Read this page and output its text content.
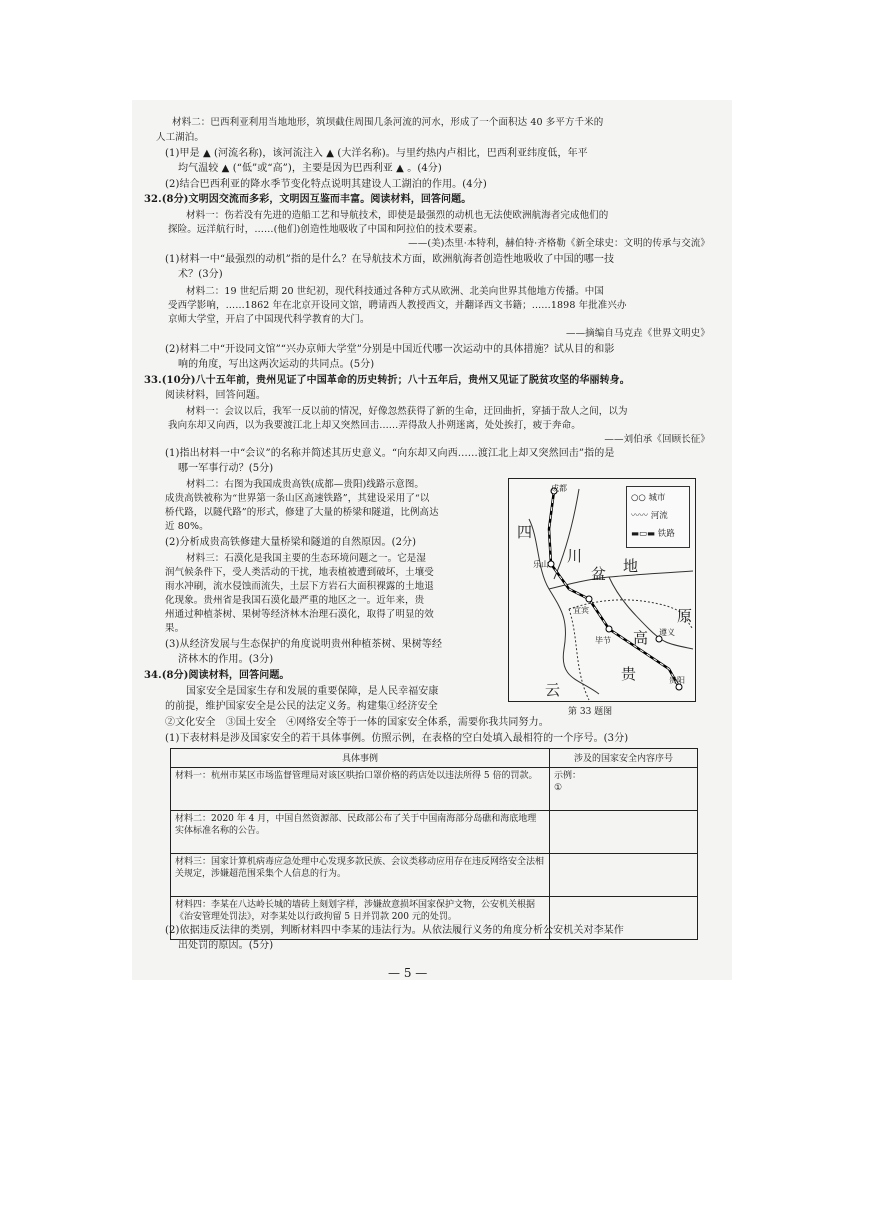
材料二：巴西利亚利用当地地形，筑坝截住周围几条河流的河水，形成了一个面积达 40 多平方千米的
人工湖泊。
(1)甲是 ▲ (河流名称)，该河流注入 ▲ (大洋名称)。与里约热内卢相比，巴西利亚纬度低，年平
均气温较 ▲ (“低”或“高”)，主要是因为巴西利亚 ▲ 。(4分)
(2)结合巴西利亚的降水季节变化特点说明其建设人工湖泊的作用。(4分)
32.(8分)文明因交流而多彩，文明因互鉴而丰富。阅读材料，回答问题。
材料一：伤若没有先进的造船工艺和导航技术，即使是最强烈的动机也无法使欧洲航海者完成他们的
探险。远洋航行时，……(他们)创造性地吸收了中国和阿拉伯的技术要素。
——(美)杰里·本特利，赫伯特·齐格勒《新全球史：文明的传承与交流》
(1)材料一中“最强烈的动机”指的是什么？在导航技术方面，欧洲航海者创造性地吸收了中国的哪一技
术？(3分)
材料二：19 世纪后期 20 世纪初，现代科技通过各种方式从欧洲、北美向世界其他地方传播。中国
受西学影响，……1862 年在北京开设同文馆，聘请西人教授西文，并翻译西文书籍；……1898 年批准兴办
京师大学堂，开启了中国现代科学教育的大门。
——摘编自马克垚《世界文明史》
(2)材料二中“开设同文馆”“兴办京师大学堂”分别是中国近代哪一次运动中的具体措施？试从目的和影
响的角度，写出这两次运动的共同点。(5分)
33.(10分)八十五年前，贵州见证了中国革命的历史转折；八十五年后，贵州又见证了脱贫攻坚的华丽转身。
阅读材料，回答问题。
材料一：会议以后，我军一反以前的情况，好像忽然获得了新的生命，迂回曲折，穿插于敌人之间，以为
我向东却又向西，以为我要渡江北上却又突然回击……弄得敌人扑朔迷离，处处挨打，疲于奔命。
——刘伯承《回顾长征》
(1)指出材料一中“会议”的名称并简述其历史意义。“向东却又向西……渡江北上却又突然回击”指的是
哪一军事行动？(5分)
材料二：右图为我国成贵高铁(成都—贵阳)线路示意图。
成贵高铁被称为“世界第一条山区高速铁路”，其建设采用了“以
桥代路，以隧代路”的形式，修建了大量的桥梁和隧道，比例高达
近 80%。
(2)分析成贵高铁修建大量桥梁和隧道的自然原因。(2分)
材料三：石漠化是我国主要的生态环境问题之一。它是湿
润气候条件下，受人类活动的干扰，地表植被遭到破坏，土壤受
雨水冲刷，流水侵蚀而流失，土层下方岩石大面积裸露的土地退
化现象。贵州省是我国石漠化最严重的地区之一。近年来，贵
州通过种植茶树、果树等经济林木治理石漠化，取得了明显的效
果。
(3)从经济发展与生态保护的角度说明贵州种植茶树、果树等经
济林木的作用。(3分)
34.(8分)阅读材料，回答问题。
国家安全是国家生存和发展的重要保障，是人民幸福安康
的前提，维护国家安全是公民的法定义务。构建集①经济安全
②文化安全　③国土安全　④网络安全等于一体的国家安全体系，需要你我共同努力。
(1)下表材料是涉及国家安全的若干具体事例。仿照示例，在表格的空白处填入最相符的一个序号。(3分)
成都
乐山
宜宾
毕节
遵义
贵阳
四
川
盆 地
原
高
贵
云
○○ 城市
〰〰 河流
▬▭▬ 铁路
第 33 题图
具体事例	涉及的国家安全内容序号
材料一：杭州市某区市场监督管理局对该区哄抬口罩价格的药店处以违法所得 5 倍的罚款。	示例：
①
材料二：2020 年 4 月，中国自然资源部、民政部公布了关于中国南海部分岛礁和海底地理实体标准名称的公告。	
材料三：国家计算机病毒应急处理中心发现多款民族、会议类移动应用存在违反网络安全法相关规定，涉嫌超范围采集个人信息的行为。	
材料四：李某在八达岭长城的墙砖上刻划字样，涉嫌故意损坏国家保护文物，公安机关根据《治安管理处罚法》，对李某处以行政拘留 5 日并罚款 200 元的处罚。	
(2)依据违反法律的类别，判断材料四中李某的违法行为。从依法履行义务的角度分析公安机关对李某作
出处罚的原因。(5分)
— 5 —
